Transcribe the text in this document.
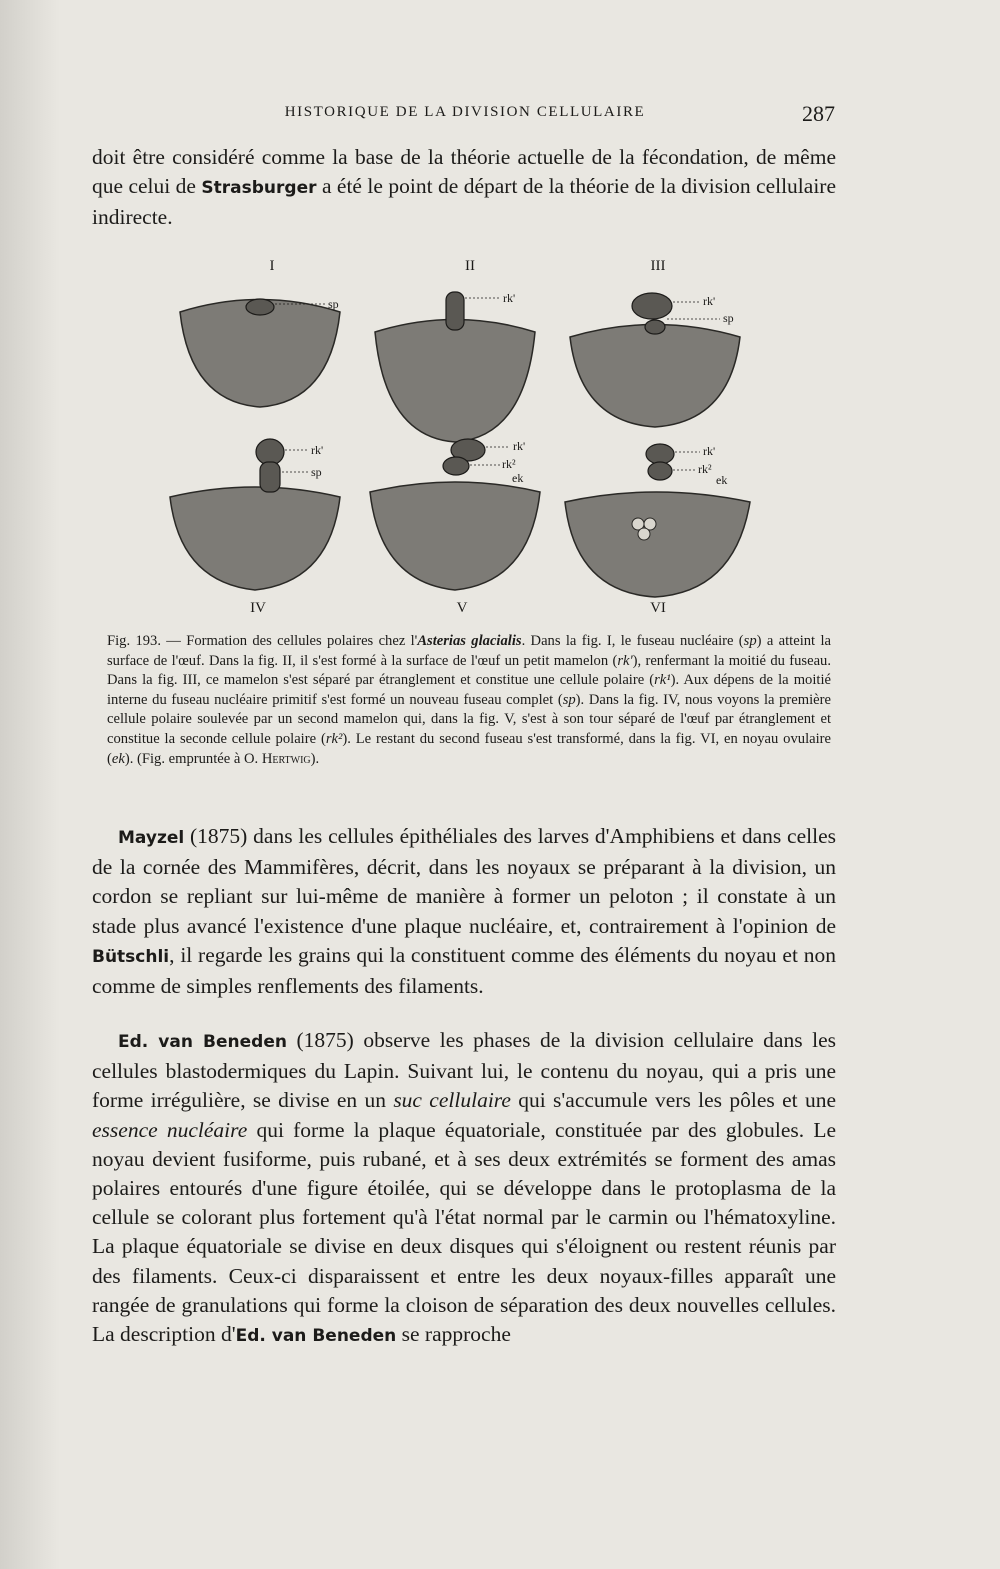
HISTORIQUE DE LA DIVISION CELLULAIRE	287

doit être considéré comme la base de la théorie actuelle de la fécondation, de même que celui de Strasburger a été le point de départ de la théorie de la division cellulaire indirecte.

sp	rk'	rk'
sp
rk'
sp
rk'
rk²
ek
rk'
rk²
ek
I	II	III
IV	V	VI

Fig. 193. — Formation des cellules polaires chez l'Asterias glacialis. Dans la fig. I, le fuseau nucléaire (sp) a atteint la surface de l'œuf. Dans la fig. II, il s'est formé à la surface de l'œuf un petit mamelon (rk'), renfermant la moitié du fuseau. Dans la fig. III, ce mamelon s'est séparé par étranglement et constitue une cellule polaire (rk¹). Aux dépens de la moitié interne du fuseau nucléaire primitif s'est formé un nouveau fuseau complet (sp). Dans la fig. IV, nous voyons la première cellule polaire soulevée par un second mamelon qui, dans la fig. V, s'est à son tour séparé de l'œuf par étranglement et constitue la seconde cellule polaire (rk²). Le restant du second fuseau s'est transformé, dans la fig. VI, en noyau ovulaire (ek). (Fig. empruntée à O. Hertwig).

Mayzel (1875) dans les cellules épithéliales des larves d'Amphibiens et dans celles de la cornée des Mammifères, décrit, dans les noyaux se préparant à la division, un cordon se repliant sur lui-même de manière à former un peloton ; il constate à un stade plus avancé l'existence d'une plaque nucléaire, et, contrairement à l'opinion de Bütschli, il regarde les grains qui la constituent comme des éléments du noyau et non comme de simples renflements des filaments.

Ed. van Beneden (1875) observe les phases de la division cellulaire dans les cellules blastodermiques du Lapin. Suivant lui, le contenu du noyau, qui a pris une forme irrégulière, se divise en un suc cellulaire qui s'accumule vers les pôles et une essence nucléaire qui forme la plaque équatoriale, constituée par des globules. Le noyau devient fusiforme, puis rubané, et à ses deux extrémités se forment des amas polaires entourés d'une figure étoilée, qui se développe dans le protoplasma de la cellule se colorant plus fortement qu'à l'état normal par le carmin ou l'hématoxyline. La plaque équatoriale se divise en deux disques qui s'éloignent ou restent réunis par des filaments. Ceux-ci disparaissent et entre les deux noyaux-filles apparaît une rangée de granulations qui forme la cloison de séparation des deux nouvelles cellules. La description d'Ed. van Beneden se rapproche
